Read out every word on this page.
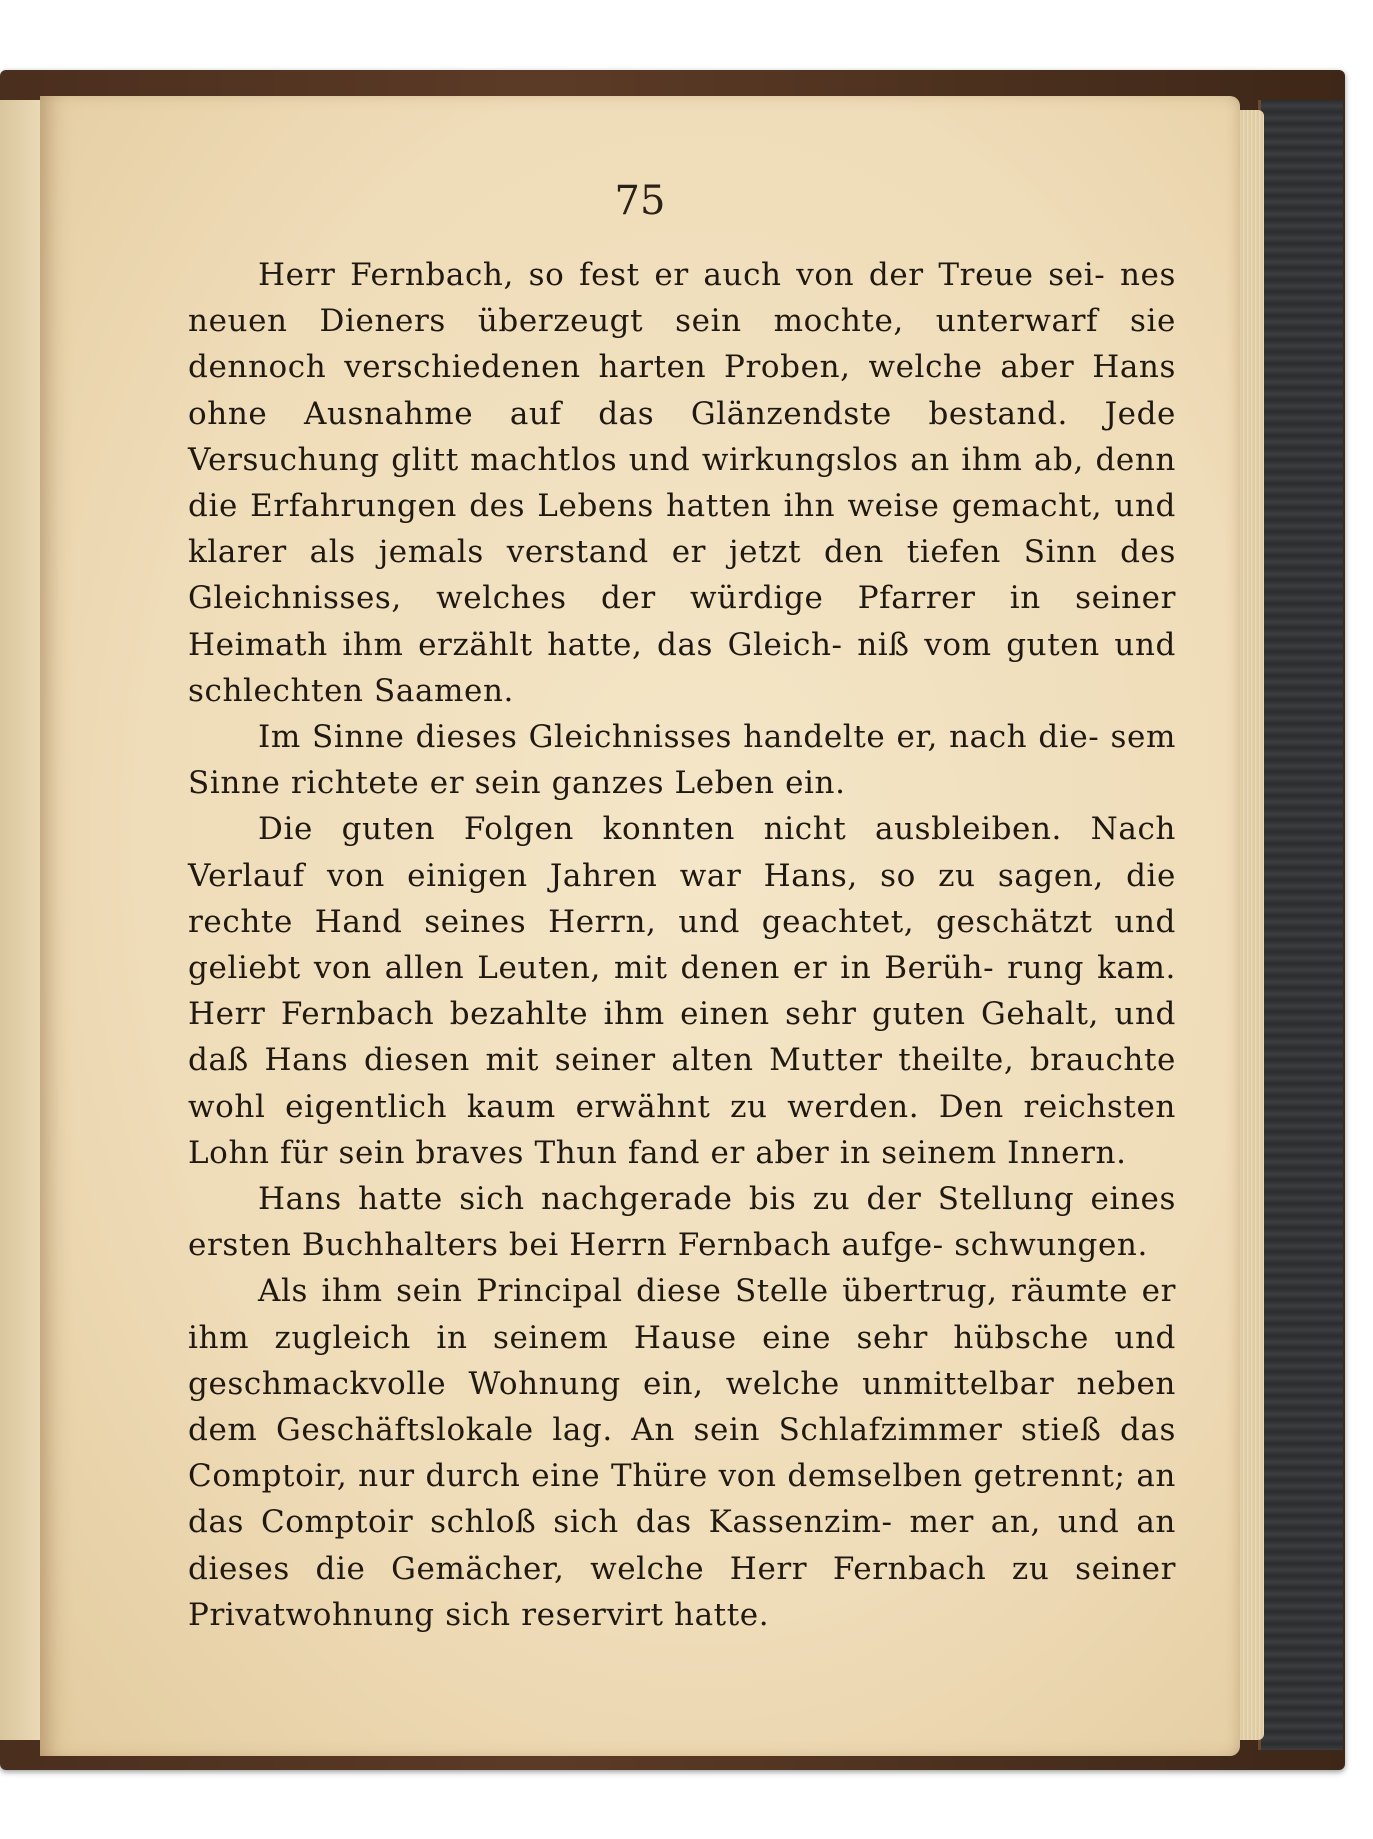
75

Herr Fernbach, so fest er auch von der Treue sei- nes neuen Dieners überzeugt sein mochte, unterwarf sie dennoch verschiedenen harten Proben, welche aber Hans ohne Ausnahme auf das Glänzendste bestand. Jede Versuchung glitt machtlos und wirkungslos an ihm ab, denn die Erfahrungen des Lebens hatten ihn weise gemacht, und klarer als jemals verstand er jetzt den tiefen Sinn des Gleichnisses, welches der würdige Pfarrer in seiner Heimath ihm erzählt hatte, das Gleich- niß vom guten und schlechten Saamen.

Im Sinne dieses Gleichnisses handelte er, nach die- sem Sinne richtete er sein ganzes Leben ein.

Die guten Folgen konnten nicht ausbleiben. Nach Verlauf von einigen Jahren war Hans, so zu sagen, die rechte Hand seines Herrn, und geachtet, geschätzt und geliebt von allen Leuten, mit denen er in Berüh- rung kam. Herr Fernbach bezahlte ihm einen sehr guten Gehalt, und daß Hans diesen mit seiner alten Mutter theilte, brauchte wohl eigentlich kaum erwähnt zu werden. Den reichsten Lohn für sein braves Thun fand er aber in seinem Innern.

Hans hatte sich nachgerade bis zu der Stellung eines ersten Buchhalters bei Herrn Fernbach aufge- schwungen.

Als ihm sein Principal diese Stelle übertrug, räumte er ihm zugleich in seinem Hause eine sehr hübsche und geschmackvolle Wohnung ein, welche unmittelbar neben dem Geschäftslokale lag. An sein Schlafzimmer stieß das Comptoir, nur durch eine Thüre von demselben getrennt; an das Comptoir schloß sich das Kassenzim- mer an, und an dieses die Gemächer, welche Herr Fernbach zu seiner Privatwohnung sich reservirt hatte.
